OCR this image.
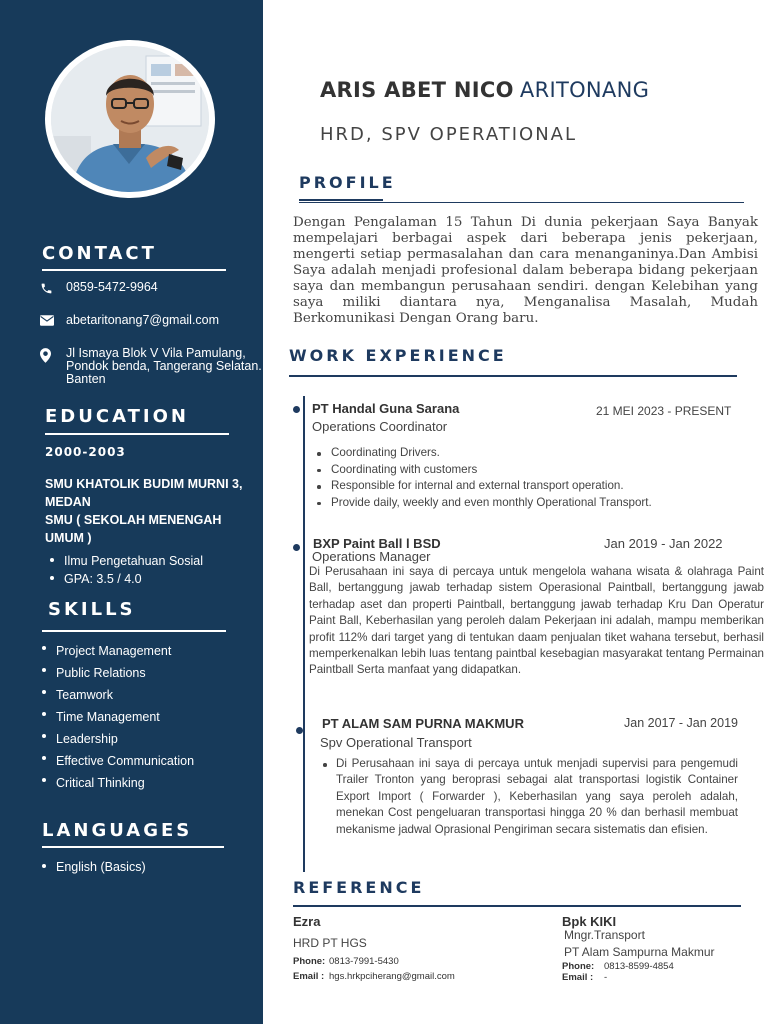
CONTACT
0859-5472-9964
abetaritonang7@gmail.com
Jl Ismaya Blok V Vila Pamulang,
Pondok benda, Tangerang Selatan.
Banten
EDUCATION
2000-2003
SMU KHATOLIK BUDIM MURNI 3,
MEDAN
SMU ( SEKOLAH MENENGAH
UMUM )
Ilmu Pengetahuan Sosial
GPA: 3.5 / 4.0
SKILLS
Project Management
Public Relations
Teamwork
Time Management
Leadership
Effective Communication
Critical Thinking
LANGUAGES
English (Basics)
ARIS ABET NICO ARITONANG
HRD, SPV OPERATIONAL
PROFILE
Dengan Pengalaman 15 Tahun Di dunia pekerjaan Saya Banyak mempelajari berbagai aspek dari beberapa jenis pekerjaan, mengerti setiap permasalahan dan cara menanganinya.Dan Ambisi Saya adalah menjadi profesional dalam beberapa bidang pekerjaan saya dan membangun perusahaan sendiri. dengan Kelebihan yang saya miliki diantara nya, Menganalisa Masalah, Mudah Berkomunikasi Dengan Orang baru.
WORK EXPERIENCE
PT Handal Guna Sarana	21 MEI 2023 - PRESENT
Operations Coordinator
Coordinating Drivers.
Coordinating with customers
Responsible for internal and external transport operation.
Provide daily, weekly and even monthly Operational Transport.
BXP Paint Ball l BSD	Jan 2019 - Jan 2022
Operations Manager
Di Perusahaan ini saya di percaya untuk mengelola wahana wisata & olahraga Paint Ball, bertanggung jawab terhadap sistem Operasional Paintball, bertanggung jawab terhadap aset dan properti Paintball, bertanggung jawab terhadap Kru Dan Operatur Paint Ball, Keberhasilan yang peroleh dalam Pekerjaan ini adalah, mampu memberikan profit 112% dari target yang di tentukan daam penjualan tiket wahana tersebut, berhasil memperkenalkan lebih luas tentang paintbal kesebagian masyarakat tentang Permainan Paintball Serta manfaat yang didapatkan.
PT ALAM SAM PURNA MAKMUR	Jan 2017 - Jan 2019
Spv Operational Transport
Di Perusahaan ini saya di percaya untuk menjadi supervisi para pengemudi Trailer Tronton yang beroprasi sebagai alat transportasi logistik Container Export Import ( Forwarder ), Keberhasilan yang saya peroleh adalah, menekan Cost pengeluaran transportasi hingga 20 % dan berhasil membuat mekanisme jadwal Oprasional Pengiriman secara sistematis dan efisien.
REFERENCE
Ezra
HRD PT HGS
Phone: 0813-7991-5430
Email : hgs.hrkpciherang@gmail.com
Bpk KIKI
Mngr.Transport
PT Alam Sampurna Makmur
Phone: 0813-8599-4854
Email : -
